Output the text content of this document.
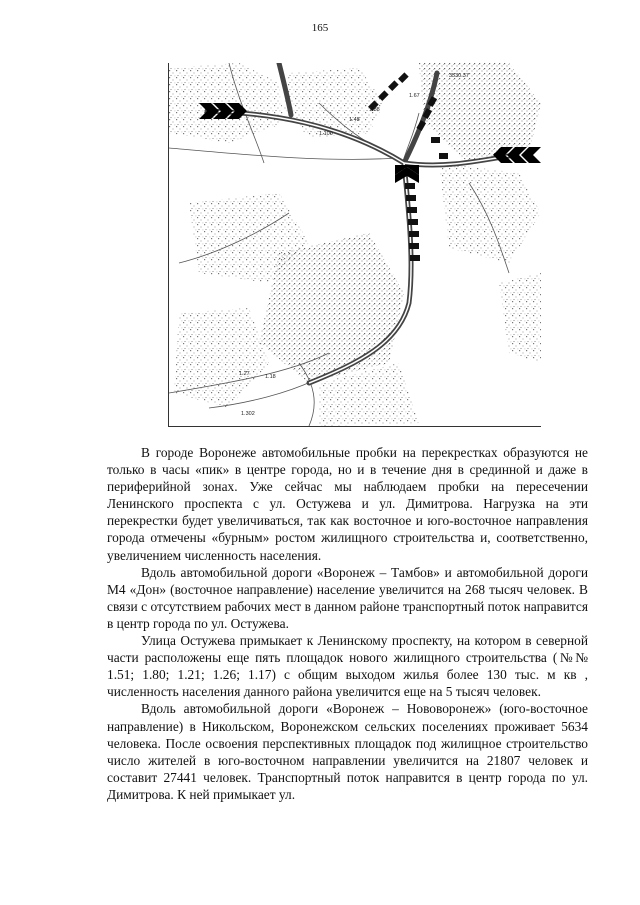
165
3530.37
1.67
1.88
1.48
1.100
1.27	1.18
1.302

В городе Воронеже автомобильные пробки на перекрестках образуются не только в часы «пик» в центре города, но и в течение дня в срединной и даже в периферийной зонах. Уже сейчас мы наблюдаем пробки на пересечении Ленинского проспекта с ул. Остужева и ул. Димитрова. Нагрузка на эти перекрестки будет увеличиваться, так как восточное и юго-восточное направления города отмечены «бурным» ростом жилищного строительства и, соответственно, увеличением численность населения.

Вдоль автомобильной дороги «Воронеж – Тамбов» и автомобильной дороги М4 «Дон» (восточное направление) население увеличится на 268 тысяч человек. В связи с отсутствием рабочих мест в данном районе транспортный поток направится в центр города по ул. Остужева.

Улица Остужева примыкает к Ленинскому проспекту, на котором в северной части расположены еще пять площадок нового жилищного строительства (№№ 1.51; 1.80; 1.21; 1.26; 1.17) с общим выходом жилья более 130 тыс. м кв , численность населения данного района увеличится еще на 5 тысяч человек.

Вдоль автомобильной дороги «Воронеж – Нововоронеж» (юго-восточное направление) в Никольском, Воронежском сельских поселениях проживает 5634 человека. После освоения перспективных площадок под жилищное строительство число жителей в юго-восточном направлении увеличится на 21807 человек и составит 27441 человек. Транспортный поток направится в центр города по ул. Димитрова. К ней примыкает ул.
